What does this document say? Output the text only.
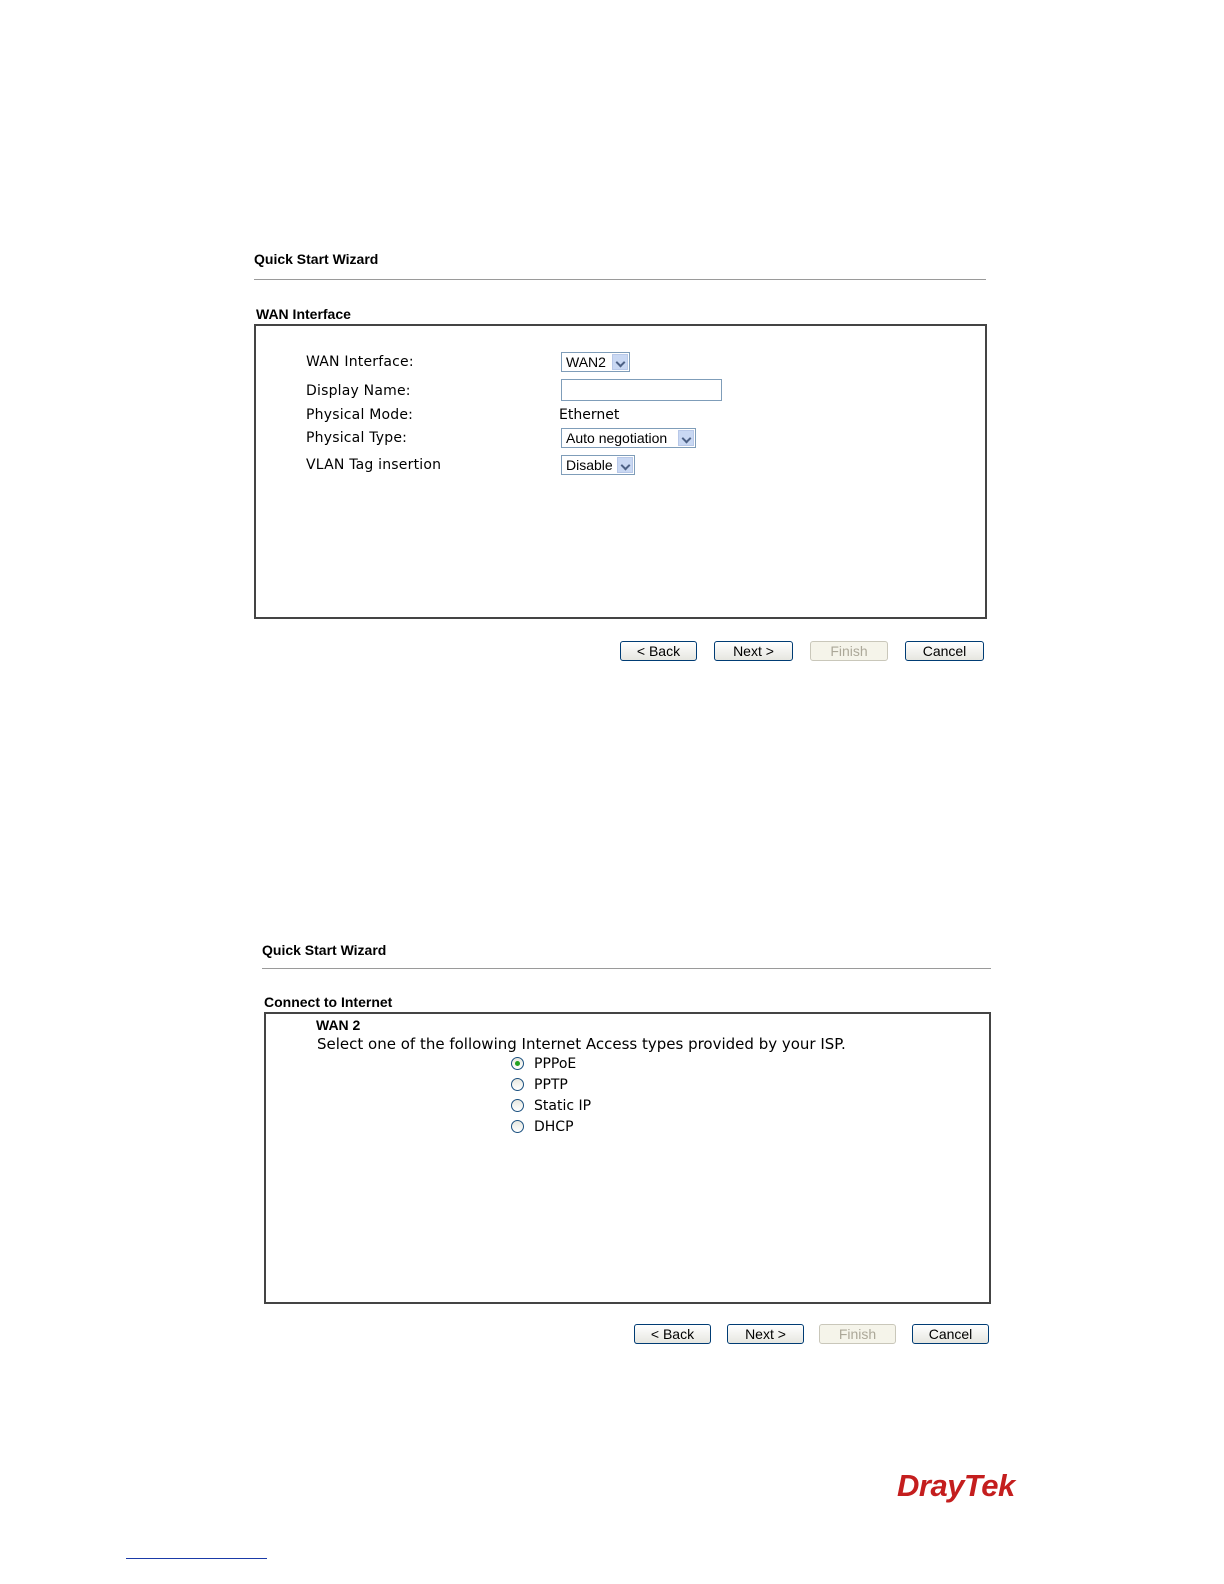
Quick Start Wizard
WAN Interface
WAN Interface:	WAN2
Display Name:
Physical Mode:	Ethernet
Physical Type:	Auto negotiation
VLAN Tag insertion	Disable
< Back	Next >	Finish	Cancel
Quick Start Wizard
Connect to Internet
WAN 2
Select one of the following Internet Access types provided by your ISP.
PPPoE
PPTP
Static IP
DHCP
< Back	Next >	Finish	Cancel
DrayTek
